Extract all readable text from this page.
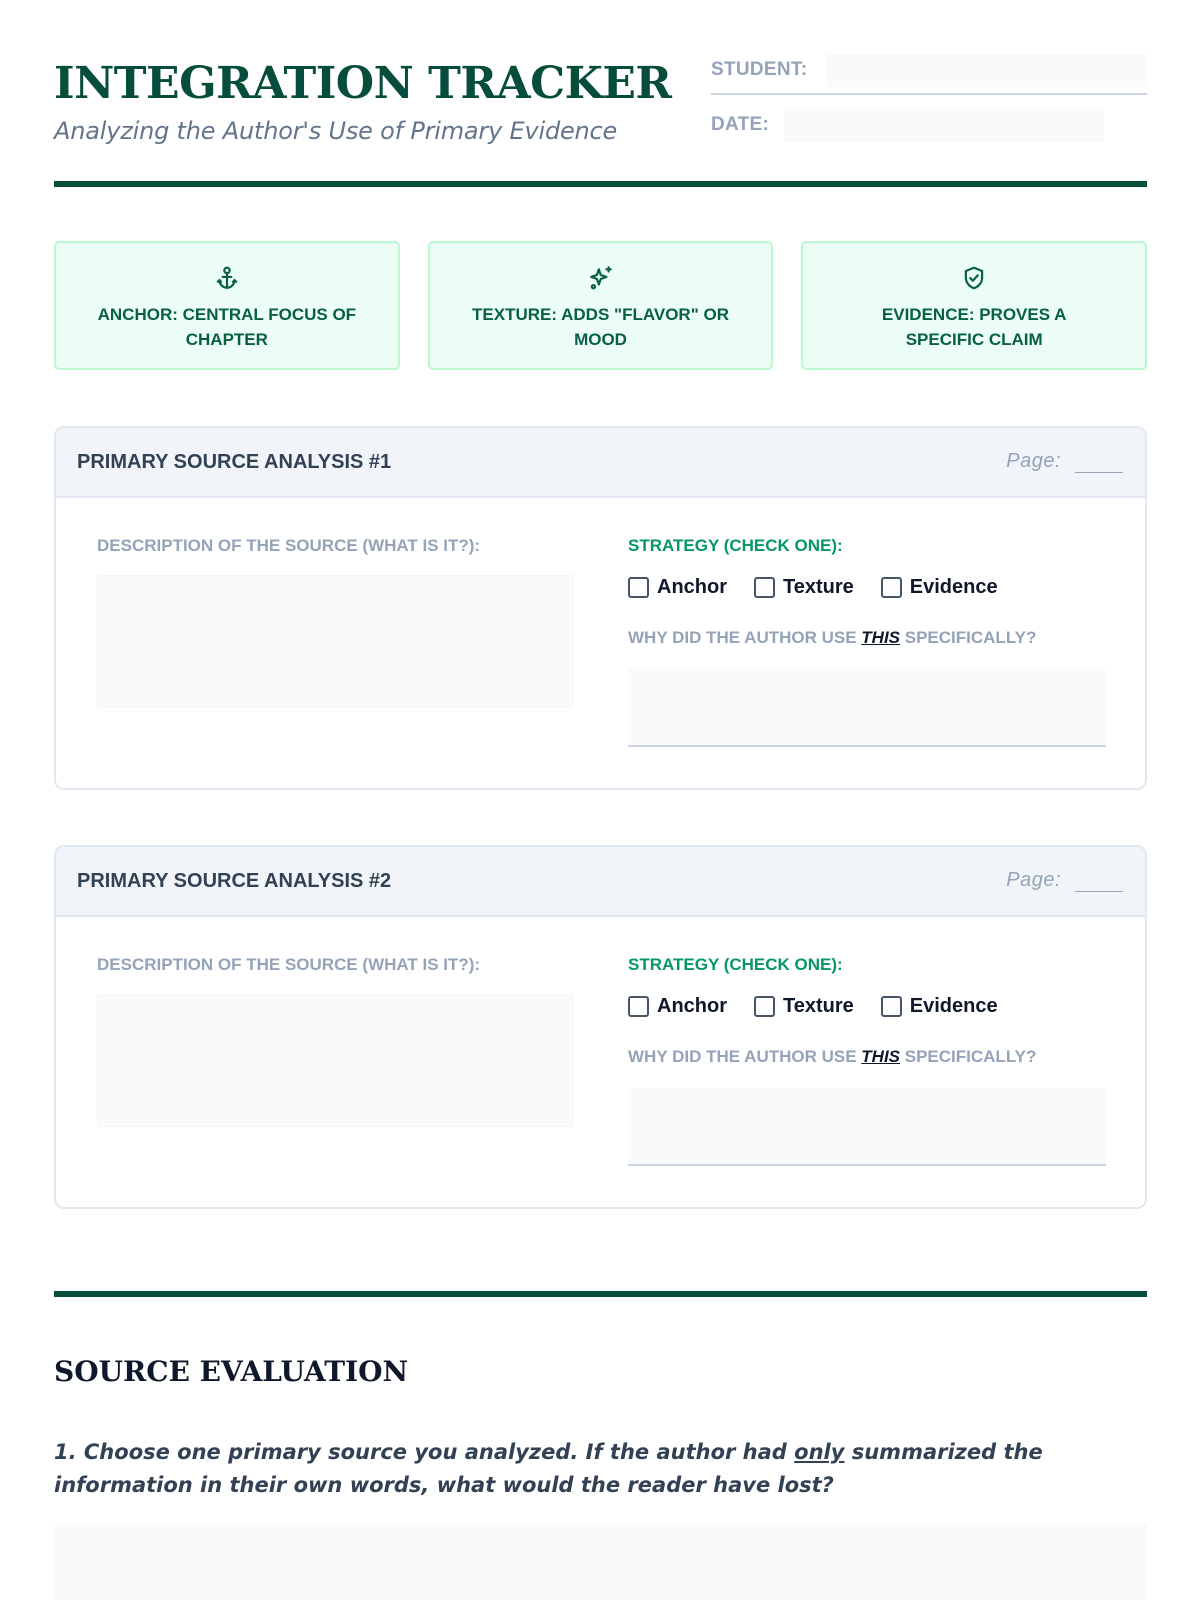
INTEGRATION TRACKER
Analyzing the Author's Use of Primary Evidence
STUDENT:
DATE:
ANCHOR: CENTRAL FOCUS OF CHAPTER
TEXTURE: ADDS "FLAVOR" OR MOOD
EVIDENCE: PROVES A SPECIFIC CLAIM
PRIMARY SOURCE ANALYSIS #1	Page:
DESCRIPTION OF THE SOURCE (WHAT IS IT?):	STRATEGY (CHECK ONE):
Anchor	Texture	Evidence
WHY DID THE AUTHOR USE THIS SPECIFICALLY?
PRIMARY SOURCE ANALYSIS #2	Page:
DESCRIPTION OF THE SOURCE (WHAT IS IT?):	STRATEGY (CHECK ONE):
Anchor	Texture	Evidence
WHY DID THE AUTHOR USE THIS SPECIFICALLY?
SOURCE EVALUATION
1. Choose one primary source you analyzed. If the author had only summarized the information in their own words, what would the reader have lost?
